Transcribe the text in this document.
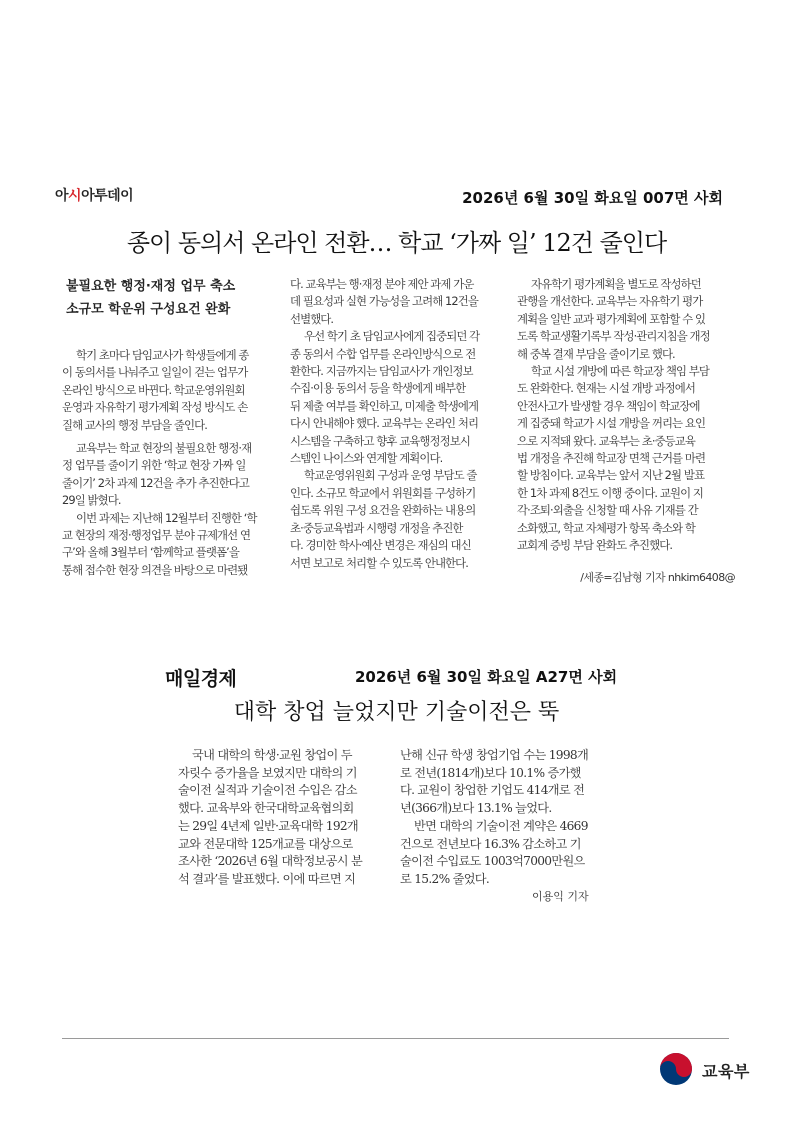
아시아투데이	2026년 6월 30일 화요일 007면 사회
종이 동의서 온라인 전환… 학교 ‘가짜 일’ 12건 줄인다
불필요한 행정·재정 업무 축소
소규모 학운위 구성요건 완화

학기 초마다 담임교사가 학생들에게 종

이 동의서를 나눠주고 일일이 걷는 업무가

온라인 방식으로 바뀐다. 학교운영위원회

운영과 자유학기 평가계획 작성 방식도 손

질해 교사의 행정 부담을 줄인다.

교육부는 학교 현장의 불필요한 행정·재

정 업무를 줄이기 위한 ‘학교 현장 가짜 일

줄이기’ 2차 과제 12건을 추가 추진한다고

29일 밝혔다.

이번 과제는 지난해 12월부터 진행한 ‘학

교 현장의 재정·행정업무 분야 규제개선 연

구’와 올해 3월부터 ‘함께학교 플랫폼’을

통해 접수한 현장 의견을 바탕으로 마련됐

다. 교육부는 행·재정 분야 제안 과제 가운

데 필요성과 실현 가능성을 고려해 12건을

선별했다.

우선 학기 초 담임교사에게 집중되던 각

종 동의서 수합 업무를 온라인방식으로 전

환한다. 지금까지는 담임교사가 개인정보

수집·이용 동의서 등을 학생에게 배부한

뒤 제출 여부를 확인하고, 미제출 학생에게

다시 안내해야 했다. 교육부는 온라인 처리

시스템을 구축하고 향후 교육행정정보시

스템인 나이스와 연계할 계획이다.

학교운영위원회 구성과 운영 부담도 줄

인다. 소규모 학교에서 위원회를 구성하기

쉽도록 위원 구성 요건을 완화하는 내용의

초·중등교육법과 시행령 개정을 추진한

다. 경미한 학사·예산 변경은 재심의 대신

서면 보고로 처리할 수 있도록 안내한다.

자유학기 평가계획을 별도로 작성하던

관행을 개선한다. 교육부는 자유학기 평가

계획을 일반 교과 평가계획에 포함할 수 있

도록 학교생활기록부 작성·관리지침을 개정

해 중복 결재 부담을 줄이기로 했다.

학교 시설 개방에 따른 학교장 책임 부담

도 완화한다. 현재는 시설 개방 과정에서

안전사고가 발생할 경우 책임이 학교장에

게 집중돼 학교가 시설 개방을 꺼리는 요인

으로 지적돼 왔다. 교육부는 초·중등교육

법 개정을 추진해 학교장 면책 근거를 마련

할 방침이다. 교육부는 앞서 지난 2월 발표

한 1차 과제 8건도 이행 중이다. 교원이 지

각·조퇴·외출을 신청할 때 사유 기재를 간

소화했고, 학교 자체평가 항목 축소와 학

교회계 증빙 부담 완화도 추진했다.

/세종=김남형 기자 nhkim6408@
매일경제	2026년 6월 30일 화요일 A27면 사회
대학 창업 늘었지만 기술이전은 뚝

국내 대학의 학생·교원 창업이 두

자릿수 증가율을 보였지만 대학의 기

술이전 실적과 기술이전 수입은 감소

했다. 교육부와 한국대학교육협의회

는 29일 4년제 일반·교육대학 192개

교와 전문대학 125개교를 대상으로

조사한 ‘2026년 6월 대학정보공시 분

석 결과’를 발표했다. 이에 따르면 지

난해 신규 학생 창업기업 수는 1998개

로 전년(1814개)보다 10.1% 증가했

다. 교원이 창업한 기업도 414개로 전

년(366개)보다 13.1% 늘었다.

반면 대학의 기술이전 계약은 4669

건으로 전년보다 16.3% 감소하고 기

술이전 수입료도 1003억7000만원으

로 15.2% 줄었다.

이용익 기자
교육부
